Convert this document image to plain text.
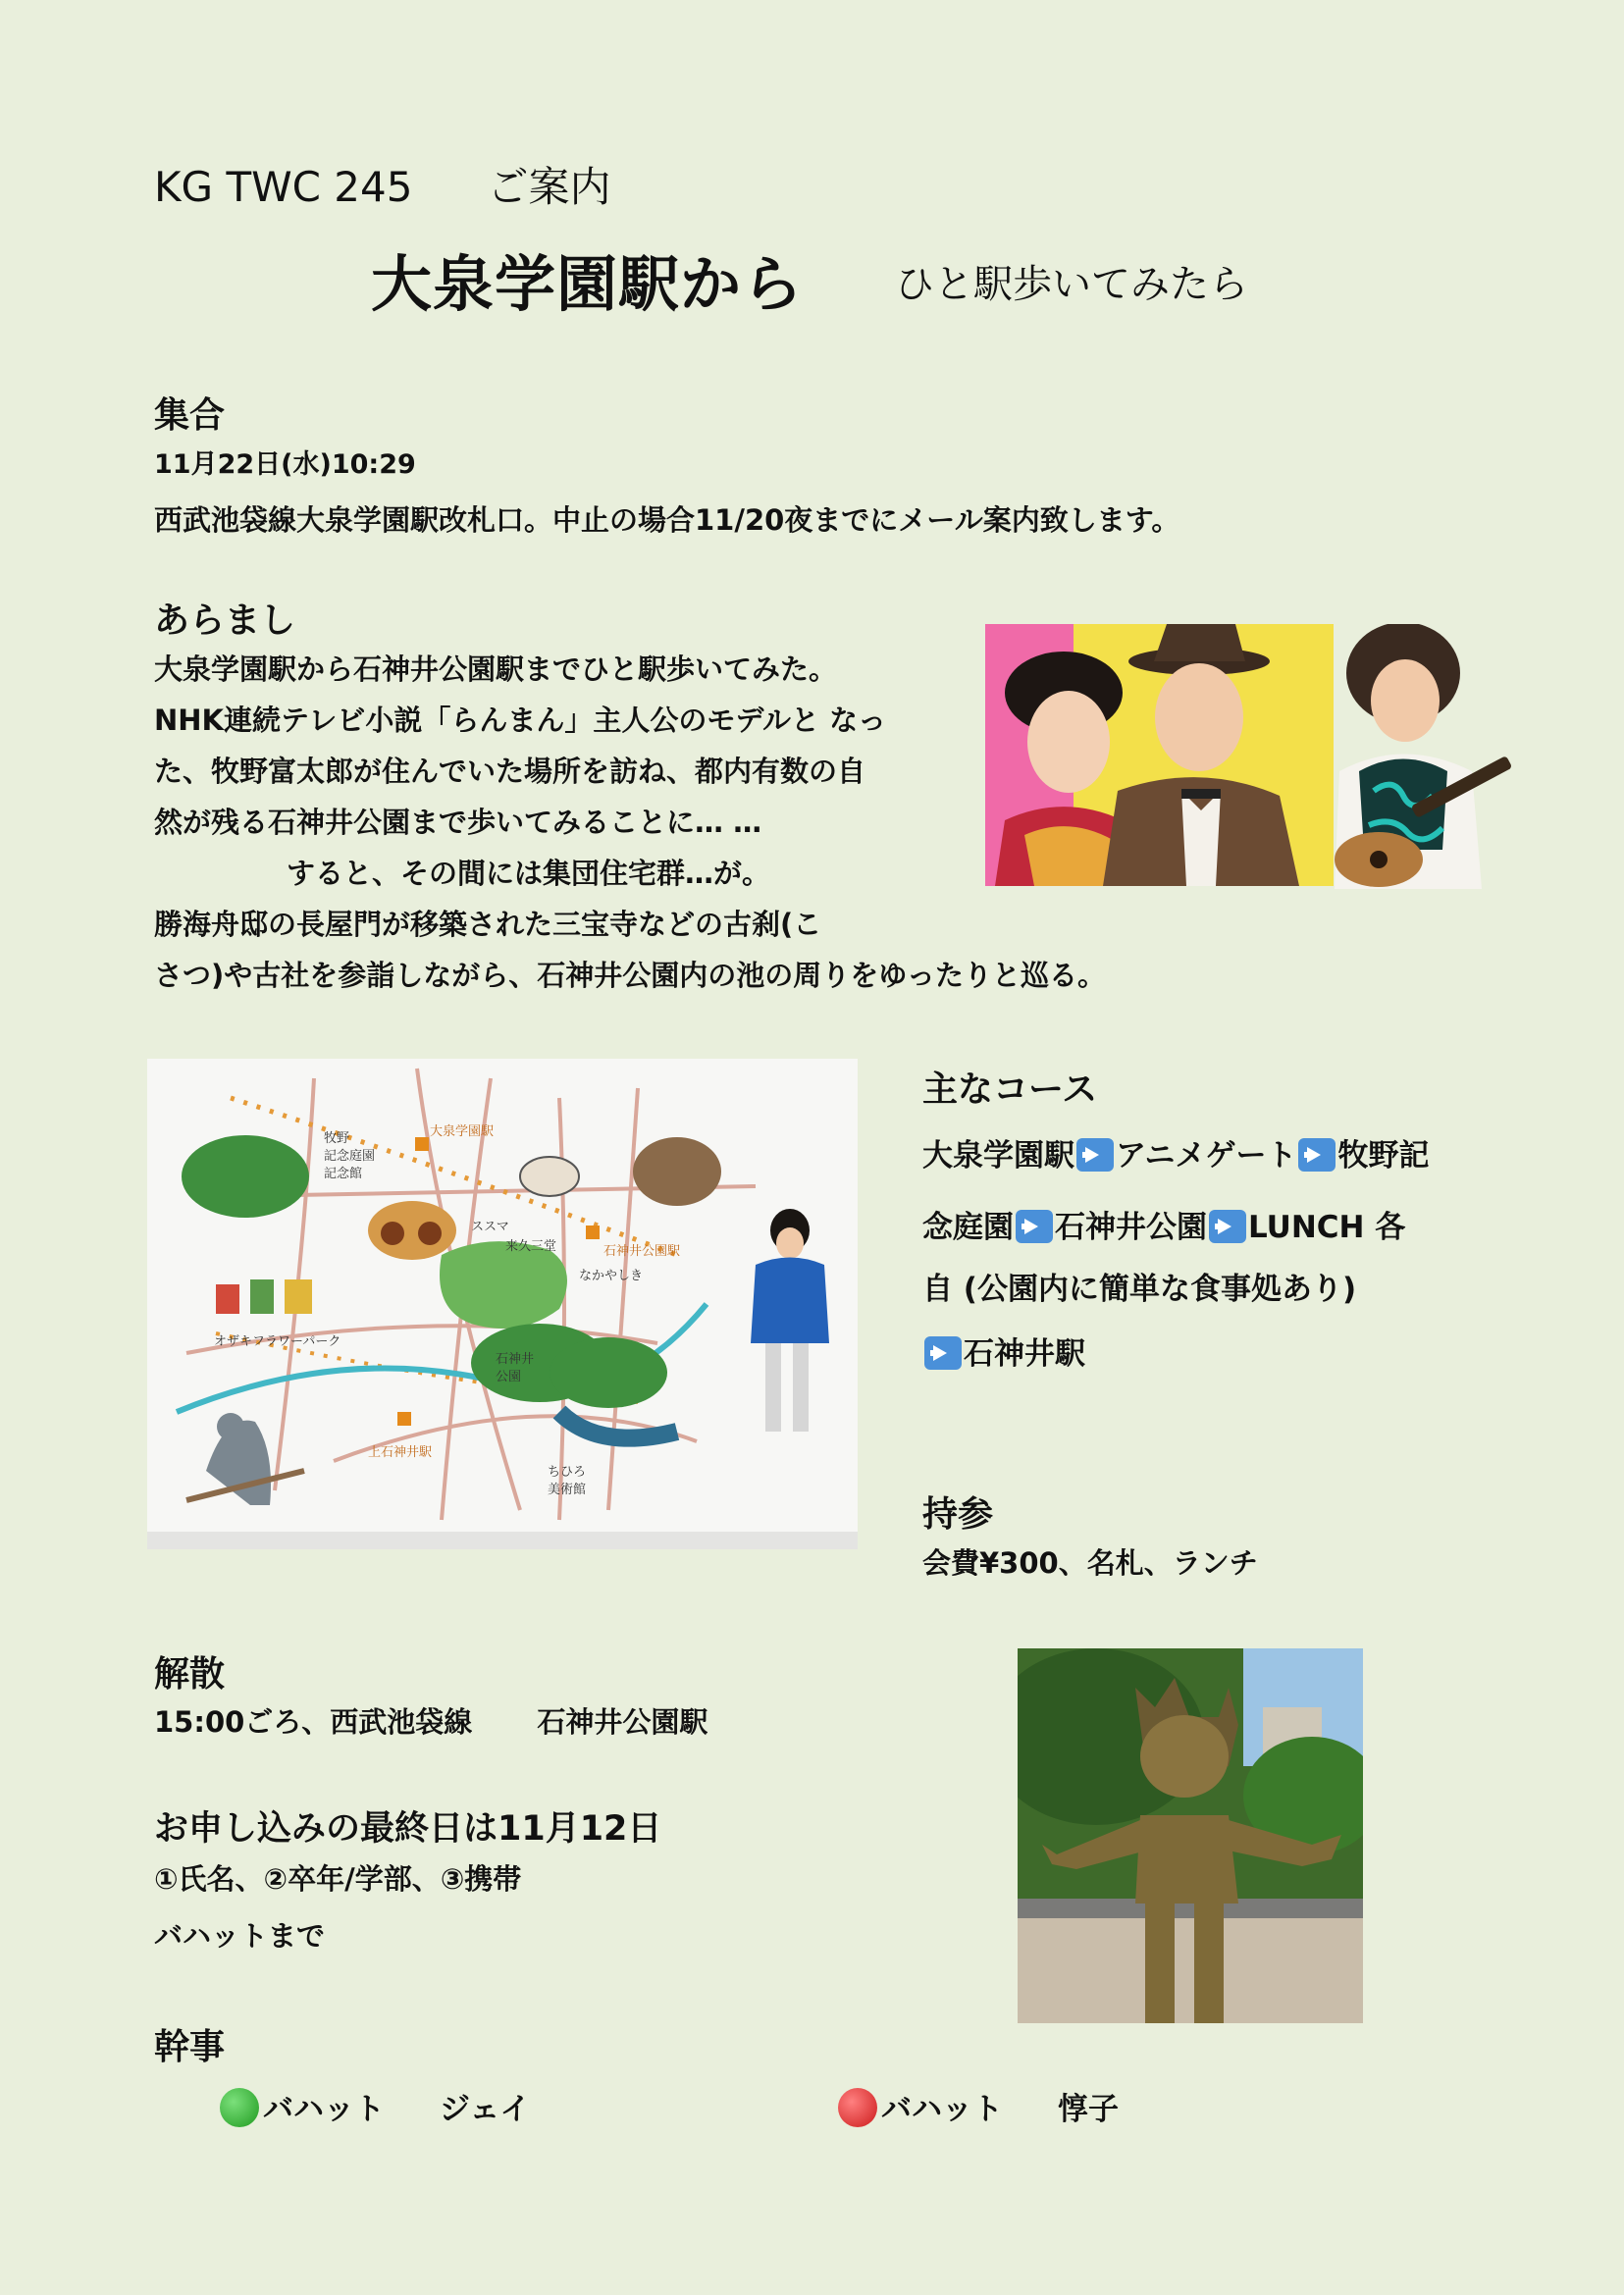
KG TWC 245 ご案内
大泉学園駅から ひと駅歩いてみたら
集合
11月22日(水)10:29
西武池袋線大泉学園駅改札口。中止の場合11/20夜までにメール案内致します。
あらまし
大泉学園駅から石神井公園駅までひと駅歩いてみた。
NHK連続テレビ小説「らんまん」主人公のモデルと なっ
た、牧野富太郎が住んでいた場所を訪ね、都内有数の自
然が残る石神井公園まで歩いてみることに… …
すると、その間には集団住宅群…が。
勝海舟邸の長屋門が移築された三宝寺などの古刹(こ
さつ)や古社を参詣しながら、石神井公園内の池の周りをゆったりと巡る。
牧野
記念庭園
記念館
大泉学園駅
ススマ
来久三堂	石神井公園駅
なかやしき
オザキフラワーパーク
石神井
公園
上石神井駅
ちひろ
美術館
主なコース
大泉学園駅 アニメゲート 牧野記
念庭園 石神井公園 LUNCH 各
自 (公園内に簡単な食事処あり)
石神井駅
持参
会費¥300、名札、ランチ
解散
15:00ごろ、西武池袋線 石神井公園駅
お申し込みの最終日は11月12日
①氏名、②卒年/学部、③携帯
バハットまで
幹事
バハット ジェイ	バハット 惇子
